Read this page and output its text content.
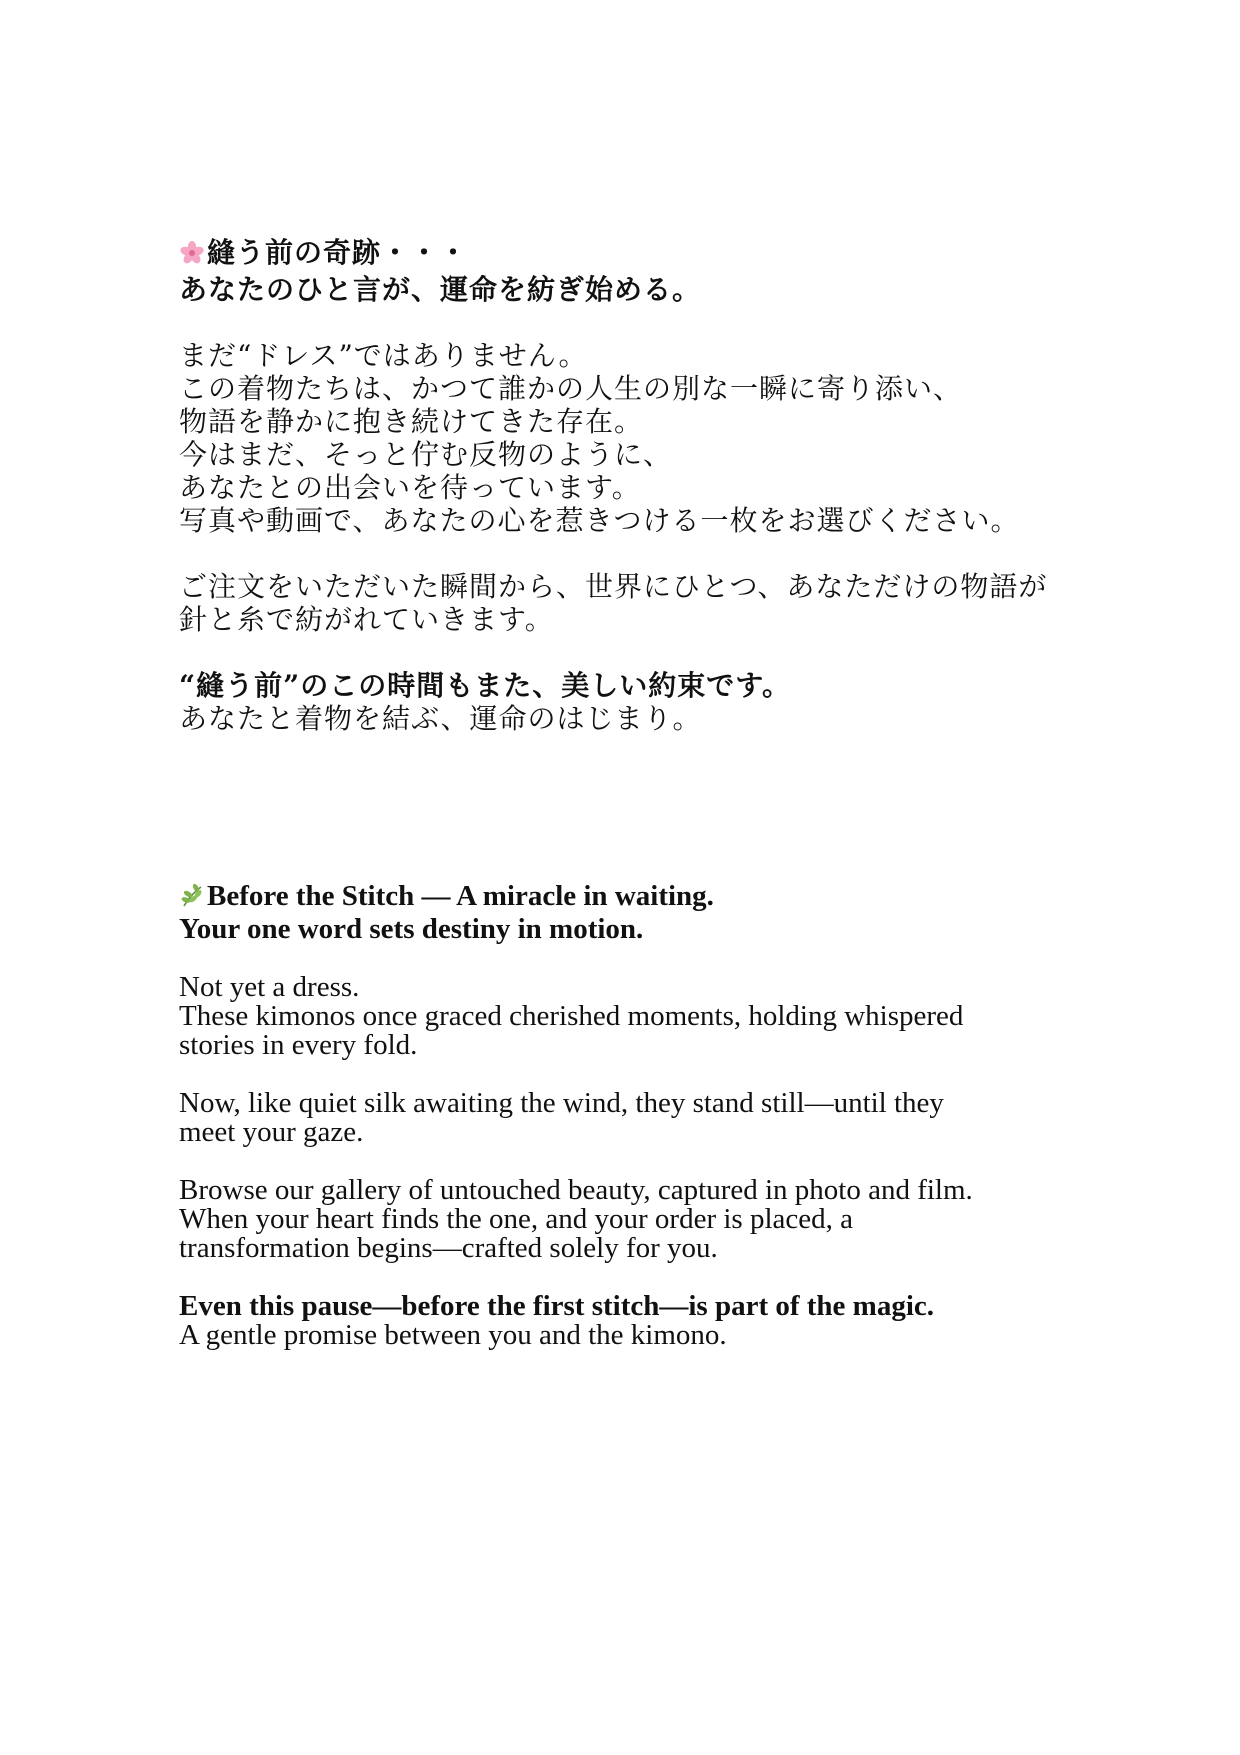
縫う前の奇跡・・・
あなたのひと言が、運命を紡ぎ始める。
まだ“ドレス”ではありません。
この着物たちは、かつて誰かの人生の別な一瞬に寄り添い、
物語を静かに抱き続けてきた存在。
今はまだ、そっと佇む反物のように、
あなたとの出会いを待っています。
写真や動画で、あなたの心を惹きつける一枚をお選びください。
ご注文をいただいた瞬間から、世界にひとつ、あなただけの物語が
針と糸で紡がれていきます。
“縫う前”のこの時間もまた、美しい約束です。
あなたと着物を結ぶ、運命のはじまり。
Before the Stitch — A miracle in waiting.
Your one word sets destiny in motion.
Not yet a dress.
These kimonos once graced cherished moments, holding whispered
stories in every fold.
Now, like quiet silk awaiting the wind, they stand still—until they
meet your gaze.
Browse our gallery of untouched beauty, captured in photo and film.
When your heart finds the one, and your order is placed, a
transformation begins—crafted solely for you.
Even this pause—before the first stitch—is part of the magic.
A gentle promise between you and the kimono.
